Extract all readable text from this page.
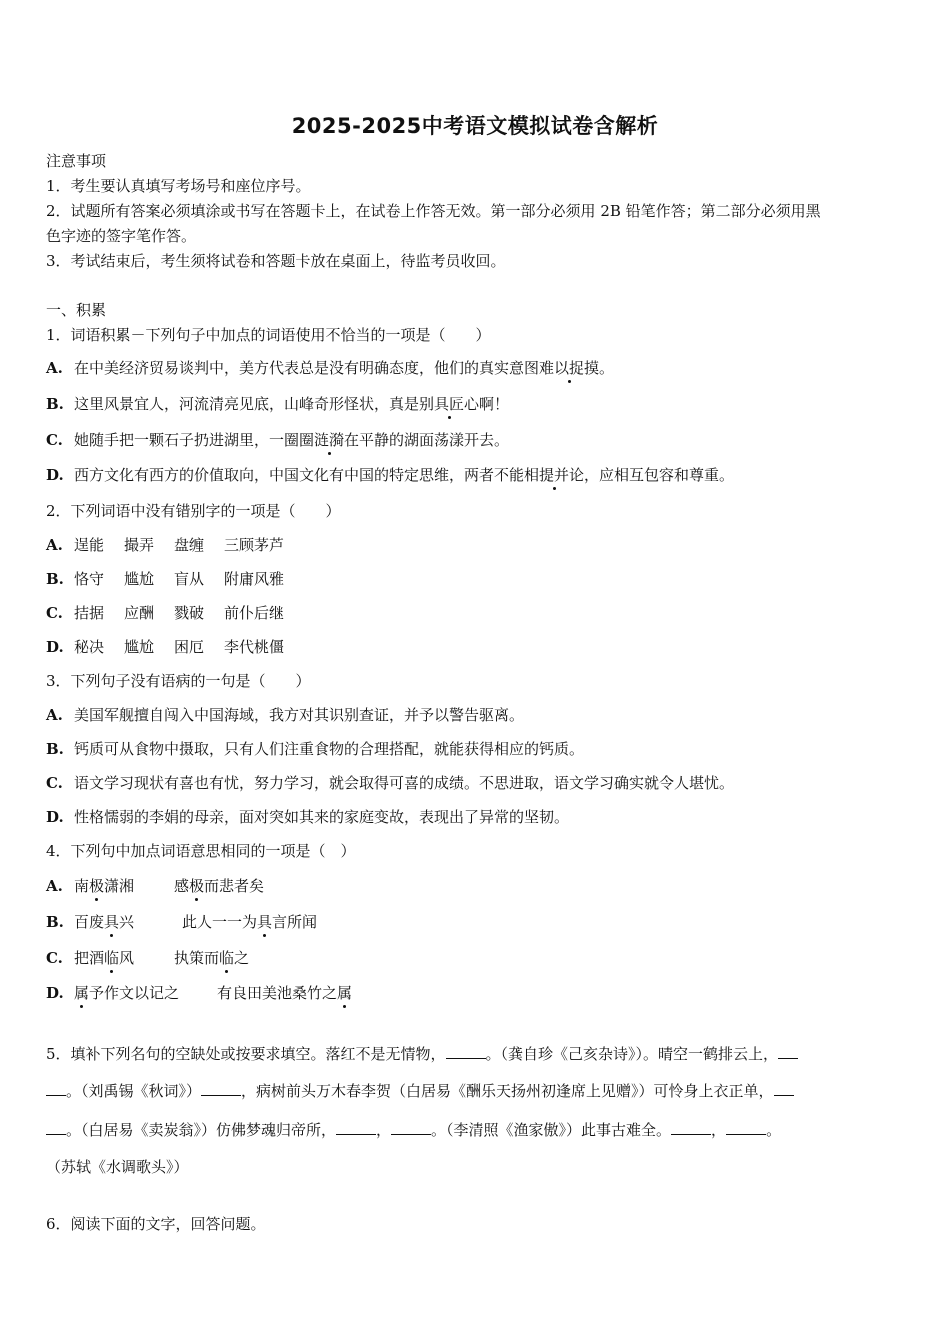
2025-2025中考语文模拟试卷含解析
注意事项
1．考生要认真填写考场号和座位序号。
2．试题所有答案必须填涂或书写在答题卡上，在试卷上作答无效。第一部分必须用 2B 铅笔作答；第二部分必须用黑
色字迹的签字笔作答。
3．考试结束后，考生须将试卷和答题卡放在桌面上，待监考员收回。
一、积累
1．词语积累－下列句子中加点的词语使用不恰当的一项是（　　）
A. 在中美经济贸易谈判中，美方代表总是没有明确态度，他们的真实意图难以捉摸。
B. 这里风景宜人，河流清亮见底，山峰奇形怪状，真是别具匠心啊！
C. 她随手把一颗石子扔进湖里，一圈圈涟漪在平静的湖面荡漾开去。
D. 西方文化有西方的价值取向，中国文化有中国的特定思维，两者不能相提并论，应相互包容和尊重。
2．下列词语中没有错别字的一项是（　　）
A. 逞能 撮弄 盘缠 三顾茅芦
B. 恪守 尴尬 盲从 附庸风雅
C. 拮据 应酬 戮破 前仆后继
D. 秘决 尴尬 困厄 李代桃僵
3．下列句子没有语病的一句是（　　）
A. 美国军舰擅自闯入中国海域，我方对其识别查证，并予以警告驱离。
B. 钙质可从食物中摄取，只有人们注重食物的合理搭配，就能获得相应的钙质。
C. 语文学习现状有喜也有忧，努力学习，就会取得可喜的成绩。不思进取，语文学习确实就令人堪忧。
D. 性格懦弱的李娟的母亲，面对突如其来的家庭变故，表现出了异常的坚韧。
4．下列句中加点词语意思相同的一项是（　）
A. 南极潇湘	感极而悲者矣
B. 百废具兴	此人一一为具言所闻
C. 把酒临风	执策而临之
D. 属予作文以记之	有良田美池桑竹之属
5．填补下列名句的空缺处或按要求填空。落红不是无情物，	。（龚自珍《己亥杂诗》）。晴空一鹤排云上，
。（刘禹锡《秋词》）	，病树前头万木春李贺（白居易《酬乐天扬州初逢席上见赠》）可怜身上衣正单，
。（白居易《卖炭翁》）仿佛梦魂归帝所，	，	。（李清照《渔家傲》）此事古难全。	，	。
（苏轼《水调歌头》）
6．阅读下面的文字，回答问题。
